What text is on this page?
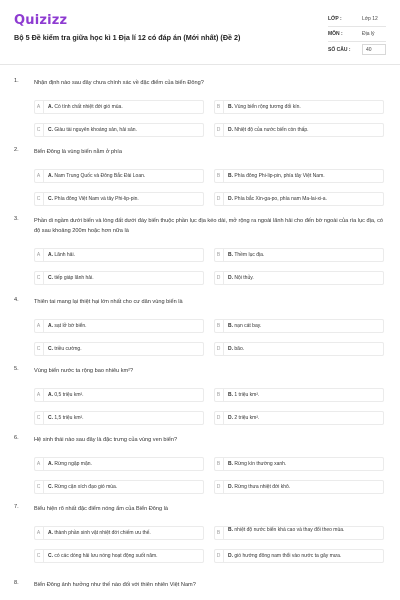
Quizizz
Bộ 5 Đề kiểm tra giữa học kì 1 Địa lí 12 có đáp án (Mới nhất) (Đề 2)
LỚP :	Lớp 12
MÔN :	Địa lý
SỐ CÂU :	40
1.	Nhận định nào sau đây chưa chính xác về đặc điểm của biển Đông?
A	A. Có tính chất nhiệt đới gió mùa.	B	B. Vùng biển rộng tương đối kín.
C	C. Giàu tài nguyên khoáng sản, hải sản.	D	D. Nhiệt độ của nước biển còn thấp.
2.	Biển Đông là vùng biển nằm ở phía
A	A. Nam Trung Quốc và Đông Bắc Đài Loan.	B	B. Phía đông Phi-lip-pin, phía tây Việt Nam.
C	C. Phía đông Việt Nam và tây Phi-lip-pin.	D	D. Phía bắc Xin-ga-po, phía nam Ma-lai-xi-a.
3.	Phần di ngầm dưới biển và lòng đất dưới đáy biển thuộc phần lục địa kéo dài, mở rộng ra ngoài lãnh hải cho đến bờ ngoài của rìa lục địa, có độ sau khoảng 200m hoặc hơn nữa là
A	A. Lãnh hải.	B	B. Thềm lục địa.
C	C. tiếp giáp lãnh hải.	D	D. Nội thủy.
4.	Thiên tai mang lại thiệt hại lớn nhất cho cư dân vùng biển là
A	A. sạt lở bờ biển.	B	B. nạn cát bay.
C	C. triều cường.	D	D. bão.
5.	Vùng biển nước ta rộng bao nhiêu km²?
A	A. 0,5 triệu km².	B	B. 1 triệu km².
C	C. 1,5 triệu km².	D	D. 2 triệu km².
6.	Hệ sinh thái nào sau đây là đặc trưng của vùng ven biển?
A	A. Rừng ngập mặn.	B	B. Rừng kín thường xanh.
C	C. Rừng cận xích đạo gió mùa.	D	D. Rừng thưa nhiệt đới khô.
7.	Biểu hiện rõ nhất đặc điểm nóng ẩm của Biển Đông là
A	A. thành phần sinh vật nhiệt đới chiếm ưu thế.	B	B. nhiệt độ nước biển khá cao và thay đổi theo mùa.
C	C. có các dòng hải lưu nóng hoạt động suốt năm.	D	D. gió hướng đông nam thổi vào nước ta gây mưa.
8.	Biển Đông ảnh hưởng như thế nào đối với thiên nhiên Việt Nam?
